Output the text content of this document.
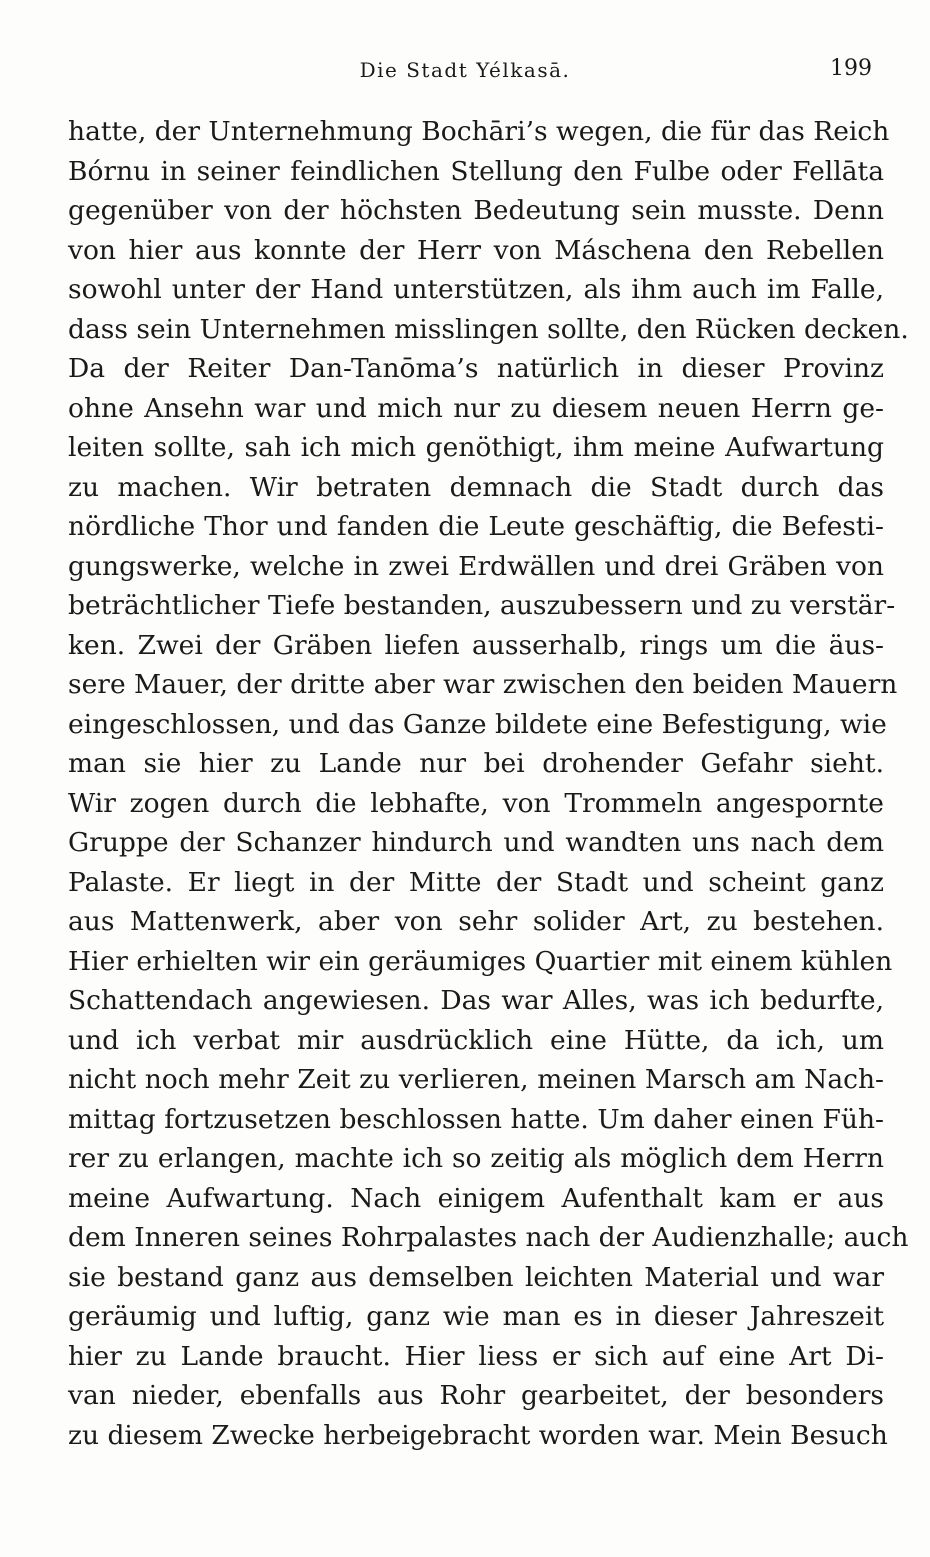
Die Stadt Yélkasā.	199
hatte, der Unternehmung Bochāri’s wegen, die für das Reich
Bórnu in seiner feindlichen Stellung den Fulbe oder Fellāta
gegenüber von der höchsten Bedeutung sein musste. Denn
von hier aus konnte der Herr von Máschena den Rebellen
sowohl unter der Hand unterstützen, als ihm auch im Falle,
dass sein Unternehmen misslingen sollte, den Rücken decken.
Da der Reiter Dan-Tanōma’s natürlich in dieser Provinz
ohne Ansehn war und mich nur zu diesem neuen Herrn ge-
leiten sollte, sah ich mich genöthigt, ihm meine Aufwartung
zu machen. Wir betraten demnach die Stadt durch das
nördliche Thor und fanden die Leute geschäftig, die Befesti-
gungswerke, welche in zwei Erdwällen und drei Gräben von
beträchtlicher Tiefe bestanden, auszubessern und zu verstär-
ken. Zwei der Gräben liefen ausserhalb, rings um die äus-
sere Mauer, der dritte aber war zwischen den beiden Mauern
eingeschlossen, und das Ganze bildete eine Befestigung, wie
man sie hier zu Lande nur bei drohender Gefahr sieht.
Wir zogen durch die lebhafte, von Trommeln angespornte
Gruppe der Schanzer hindurch und wandten uns nach dem
Palaste. Er liegt in der Mitte der Stadt und scheint ganz
aus Mattenwerk, aber von sehr solider Art, zu bestehen.
Hier erhielten wir ein geräumiges Quartier mit einem kühlen
Schattendach angewiesen. Das war Alles, was ich bedurfte,
und ich verbat mir ausdrücklich eine Hütte, da ich, um
nicht noch mehr Zeit zu verlieren, meinen Marsch am Nach-
mittag fortzusetzen beschlossen hatte. Um daher einen Füh-
rer zu erlangen, machte ich so zeitig als möglich dem Herrn
meine Aufwartung. Nach einigem Aufenthalt kam er aus
dem Inneren seines Rohrpalastes nach der Audienzhalle; auch
sie bestand ganz aus demselben leichten Material und war
geräumig und luftig, ganz wie man es in dieser Jahreszeit
hier zu Lande braucht. Hier liess er sich auf eine Art Di-
van nieder, ebenfalls aus Rohr gearbeitet, der besonders
zu diesem Zwecke herbeigebracht worden war. Mein Besuch
